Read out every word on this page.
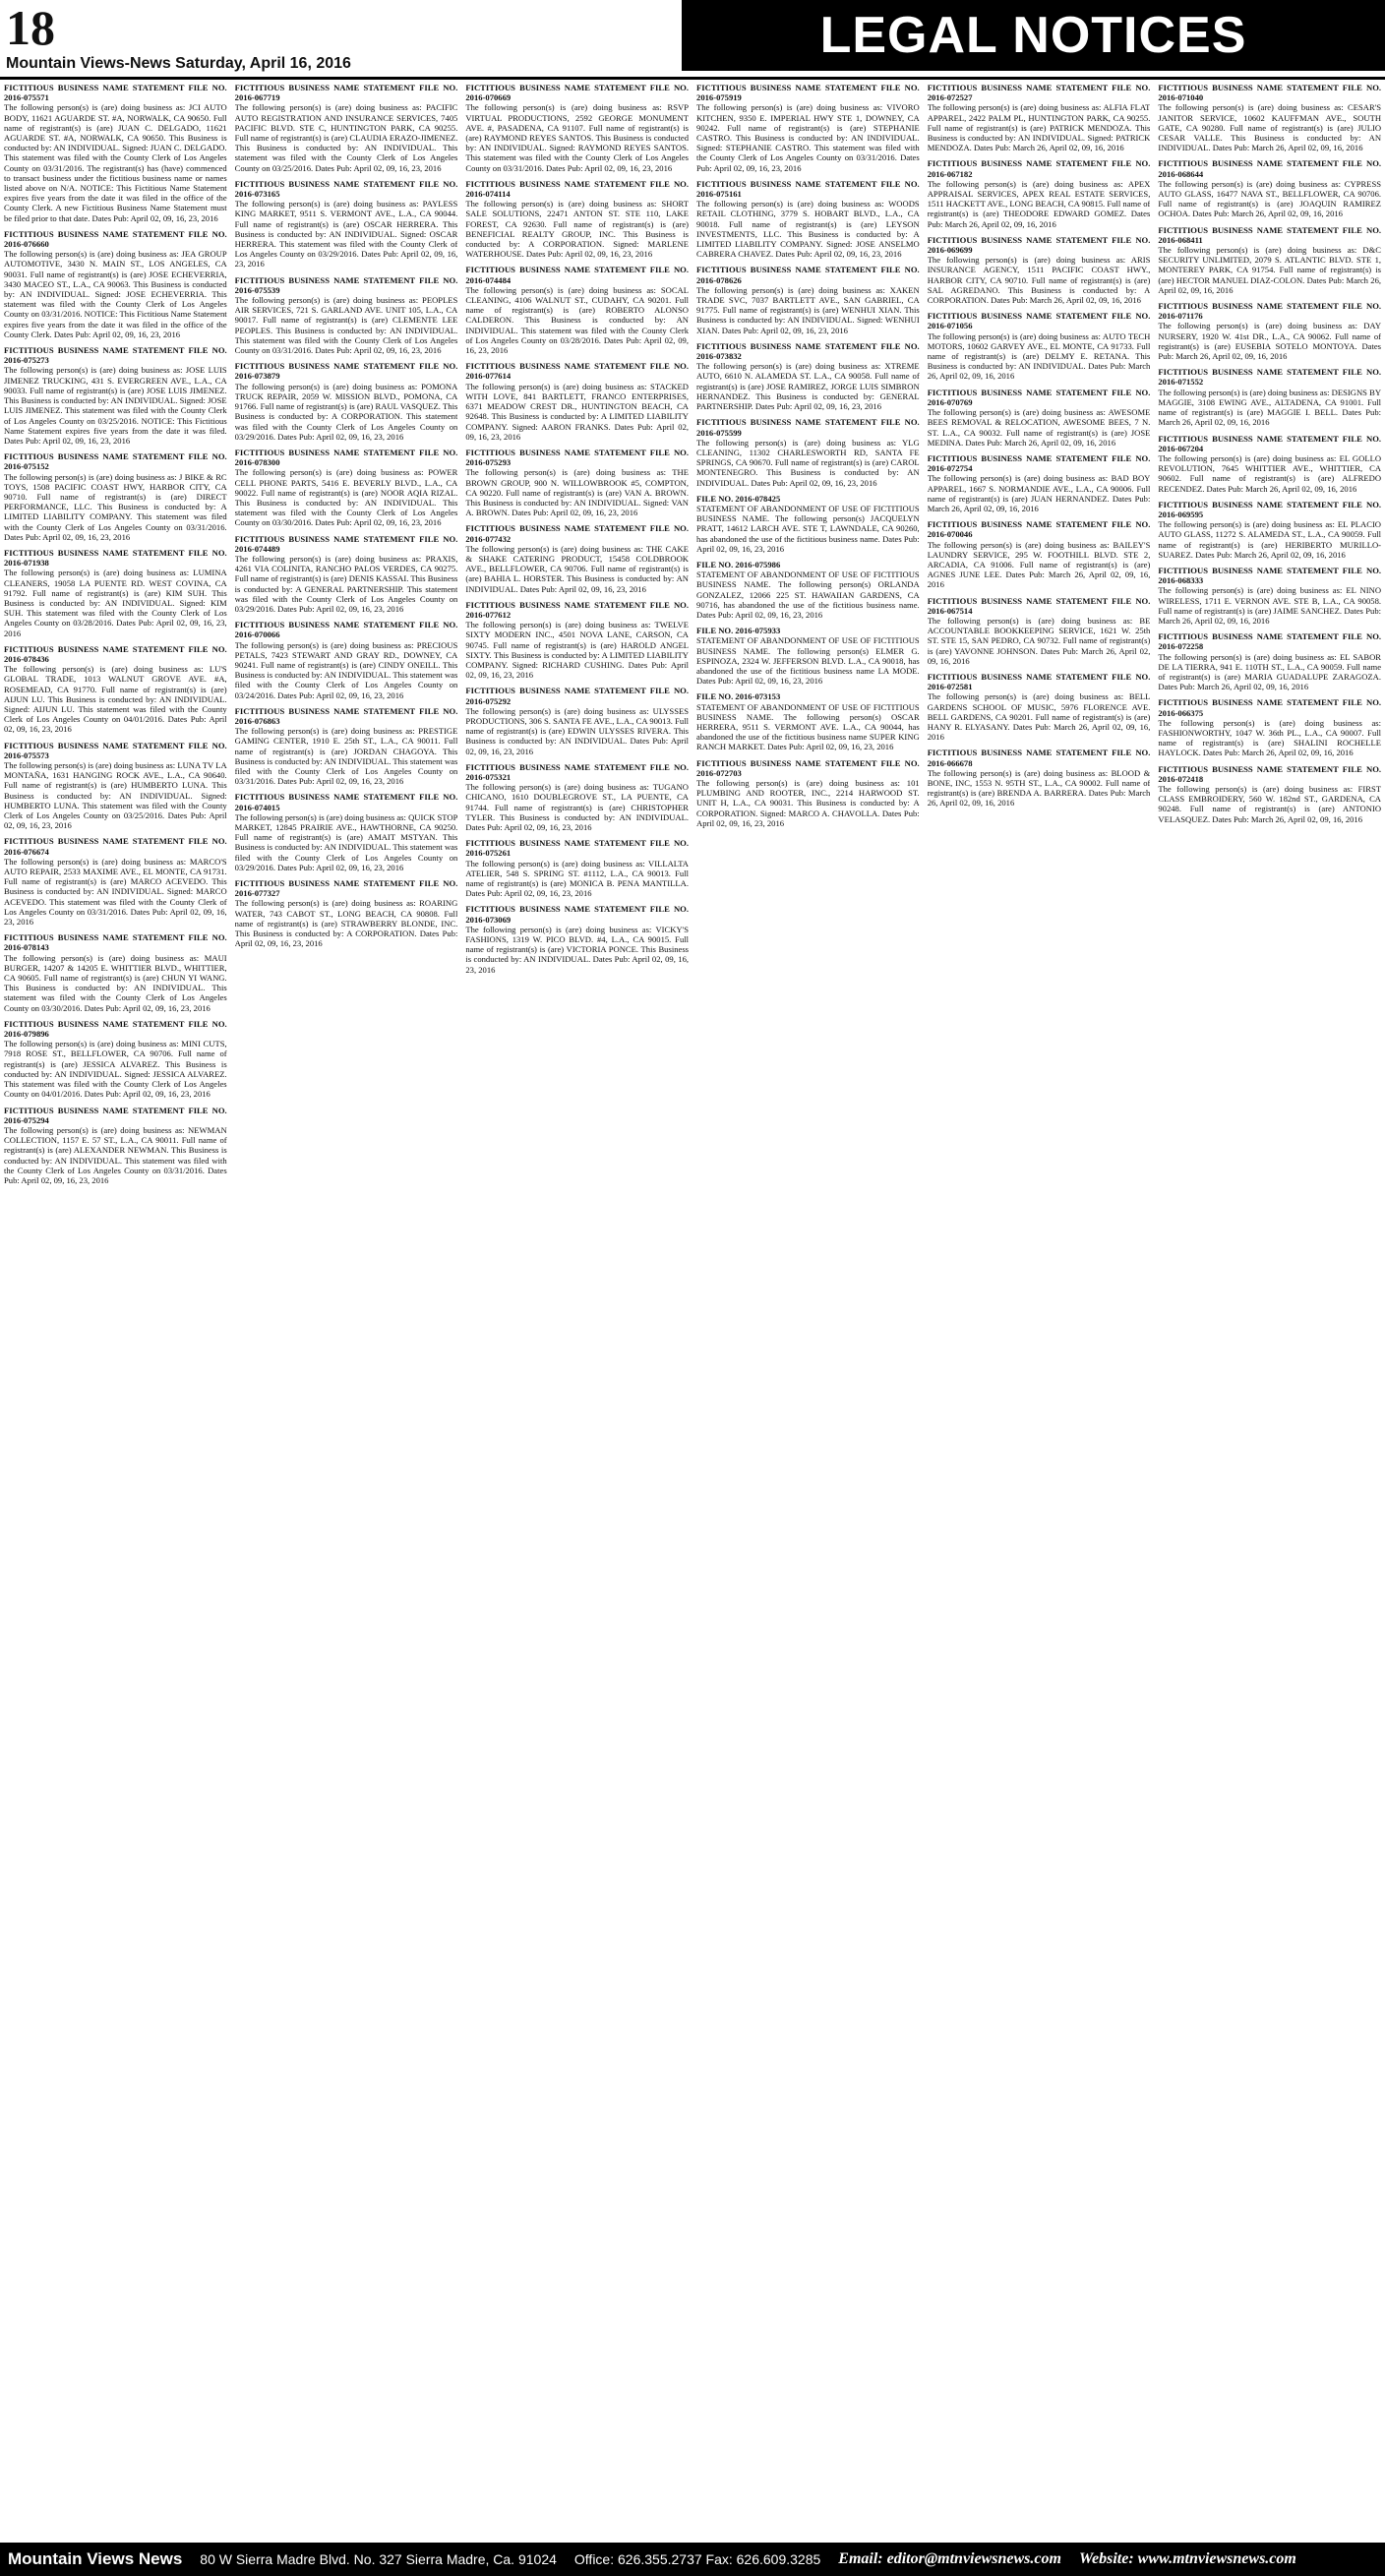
18
Mountain Views-News Saturday, April 16, 2016	LEGAL NOTICES
FICTITIOUS BUSINESS NAME STATEMENT FILE NO. 2016-075571
The following person(s) is (are) doing business as: JCI AUTO BODY, 11621 AGUARDE ST. #A, NORWALK, CA 90650. Full name of registrant(s) is (are) JUAN C. DELGADO, 11621 AGUARDE ST. #A, NORWALK, CA 90650. This Business is conducted by: AN INDIVIDUAL. Signed: JUAN C. DELGADO. This statement was filed with the County Clerk of Los Angeles County on 03/31/2016. The registrant(s) has (have) commenced to transact business under the fictitious business name or names listed above on N/A. NOTICE: This Fictitious Name Statement expires five years from the date it was filed in the office of the County Clerk. A new Fictitious Business Name Statement must be filed prior to that date. Dates Pub: April 02, 09, 16, 23, 2016
FICTITIOUS BUSINESS NAME STATEMENT FILE NO. 2016-076660
The following person(s) is (are) doing business as: JEA GROUP AUTOMOTIVE, 3430 N. MAIN ST., LOS ANGELES, CA 90031. Full name of registrant(s) is (are) JOSE ECHEVERRIA, 3430 MACEO ST., L.A., CA 90063. This Business is conducted by: AN INDIVIDUAL. Signed: JOSE ECHEVERRIA. This statement was filed with the County Clerk of Los Angeles County on 03/31/2016. NOTICE: This Fictitious Name Statement expires five years from the date it was filed in the office of the County Clerk. Dates Pub: April 02, 09, 16, 23, 2016
FICTITIOUS BUSINESS NAME STATEMENT FILE NO. 2016-075273
The following person(s) is (are) doing business as: JOSE LUIS JIMENEZ TRUCKING, 431 S. EVERGREEN AVE., L.A., CA 90033. Full name of registrant(s) is (are) JOSE LUIS JIMENEZ. This Business is conducted by: AN INDIVIDUAL. Signed: JOSE LUIS JIMENEZ. This statement was filed with the County Clerk of Los Angeles County on 03/25/2016. NOTICE: This Fictitious Name Statement expires five years from the date it was filed. Dates Pub: April 02, 09, 16, 23, 2016
FICTITIOUS BUSINESS NAME STATEMENT FILE NO. 2016-075152
The following person(s) is (are) doing business as: J BIKE & RC TOYS, 1508 PACIFIC COAST HWY, HARBOR CITY, CA 90710. Full name of registrant(s) is (are) DIRECT PERFORMANCE, LLC. This Business is conducted by: A LIMITED LIABILITY COMPANY. This statement was filed with the County Clerk of Los Angeles County on 03/31/2016. Dates Pub: April 02, 09, 16, 23, 2016
FICTITIOUS BUSINESS NAME STATEMENT FILE NO. 2016-071938
The following person(s) is (are) doing business as: LUMINA CLEANERS, 19058 LA PUENTE RD. WEST COVINA, CA 91792. Full name of registrant(s) is (are) KIM SUH. This Business is conducted by: AN INDIVIDUAL. Signed: KIM SUH. This statement was filed with the County Clerk of Los Angeles County on 03/28/2016. Dates Pub: April 02, 09, 16, 23, 2016
FICTITIOUS BUSINESS NAME STATEMENT FILE NO. 2016-078436
The following person(s) is (are) doing business as: LU'S GLOBAL TRADE, 1013 WALNUT GROVE AVE. #A, ROSEMEAD, CA 91770. Full name of registrant(s) is (are) AIJUN LU. This Business is conducted by: AN INDIVIDUAL. Signed: AIJUN LU. This statement was filed with the County Clerk of Los Angeles County on 04/01/2016. Dates Pub: April 02, 09, 16, 23, 2016
FICTITIOUS BUSINESS NAME STATEMENT FILE NO. 2016-075573
The following person(s) is (are) doing business as: LUNA TV LA MONTAÑA, 1631 HANGING ROCK AVE., L.A., CA 90640. Full name of registrant(s) is (are) HUMBERTO LUNA. This Business is conducted by: AN INDIVIDUAL. Signed: HUMBERTO LUNA. This statement was filed with the County Clerk of Los Angeles County on 03/25/2016. Dates Pub: April 02, 09, 16, 23, 2016
FICTITIOUS BUSINESS NAME STATEMENT FILE NO. 2016-076674
The following person(s) is (are) doing business as: MARCO'S AUTO REPAIR, 2533 MAXIME AVE., EL MONTE, CA 91731. Full name of registrant(s) is (are) MARCO ACEVEDO. This Business is conducted by: AN INDIVIDUAL. Signed: MARCO ACEVEDO. This statement was filed with the County Clerk of Los Angeles County on 03/31/2016. Dates Pub: April 02, 09, 16, 23, 2016
FICTITIOUS BUSINESS NAME STATEMENT FILE NO. 2016-078143
The following person(s) is (are) doing business as: MAUI BURGER, 14207 & 14205 E. WHITTIER BLVD., WHITTIER, CA 90605. Full name of registrant(s) is (are) CHUN YI WANG. This Business is conducted by: AN INDIVIDUAL. This statement was filed with the County Clerk of Los Angeles County on 03/30/2016. Dates Pub: April 02, 09, 16, 23, 2016
FICTITIOUS BUSINESS NAME STATEMENT FILE NO. 2016-079896
The following person(s) is (are) doing business as: MINI CUTS, 7918 ROSE ST., BELLFLOWER, CA 90706. Full name of registrant(s) is (are) JESSICA ALVAREZ. This Business is conducted by: AN INDIVIDUAL. Signed: JESSICA ALVAREZ. This statement was filed with the County Clerk of Los Angeles County on 04/01/2016. Dates Pub: April 02, 09, 16, 23, 2016
FICTITIOUS BUSINESS NAME STATEMENT FILE NO. 2016-075294
The following person(s) is (are) doing business as: NEWMAN COLLECTION, 1157 E. 57 ST., L.A., CA 90011. Full name of registrant(s) is (are) ALEXANDER NEWMAN. This Business is conducted by: AN INDIVIDUAL. This statement was filed with the County Clerk of Los Angeles County on 03/31/2016. Dates Pub: April 02, 09, 16, 23, 2016
FICTITIOUS BUSINESS NAME STATEMENT FILE NO. 2016-067719
The following person(s) is (are) doing business as: PACIFIC AUTO REGISTRATION AND INSURANCE SERVICES, 7405 PACIFIC BLVD. STE C, HUNTINGTON PARK, CA 90255. Full name of registrant(s) is (are) CLAUDIA ERAZO-JIMENEZ. This Business is conducted by: AN INDIVIDUAL. This statement was filed with the County Clerk of Los Angeles County on 03/25/2016. Dates Pub: April 02, 09, 16, 23, 2016
FICTITIOUS BUSINESS NAME STATEMENT FILE NO. 2016-073165
The following person(s) is (are) doing business as: PAYLESS KING MARKET, 9511 S. VERMONT AVE., L.A., CA 90044. Full name of registrant(s) is (are) OSCAR HERRERA. This Business is conducted by: AN INDIVIDUAL. Signed: OSCAR HERRERA. This statement was filed with the County Clerk of Los Angeles County on 03/29/2016. Dates Pub: April 02, 09, 16, 23, 2016
FICTITIOUS BUSINESS NAME STATEMENT FILE NO. 2016-075539
The following person(s) is (are) doing business as: PEOPLES AIR SERVICES, 721 S. GARLAND AVE. UNIT 105, L.A., CA 90017. Full name of registrant(s) is (are) CLEMENTE LEE PEOPLES. This Business is conducted by: AN INDIVIDUAL. This statement was filed with the County Clerk of Los Angeles County on 03/31/2016. Dates Pub: April 02, 09, 16, 23, 2016
FICTITIOUS BUSINESS NAME STATEMENT FILE NO. 2016-073879
The following person(s) is (are) doing business as: POMONA TRUCK REPAIR, 2059 W. MISSION BLVD., POMONA, CA 91766. Full name of registrant(s) is (are) RAUL VASQUEZ. This Business is conducted by: A CORPORATION. This statement was filed with the County Clerk of Los Angeles County on 03/29/2016. Dates Pub: April 02, 09, 16, 23, 2016
FICTITIOUS BUSINESS NAME STATEMENT FILE NO. 2016-078300
The following person(s) is (are) doing business as: POWER CELL PHONE PARTS, 5416 E. BEVERLY BLVD., L.A., CA 90022. Full name of registrant(s) is (are) NOOR AQIA RIZAL. This Business is conducted by: AN INDIVIDUAL. This statement was filed with the County Clerk of Los Angeles County on 03/30/2016. Dates Pub: April 02, 09, 16, 23, 2016
FICTITIOUS BUSINESS NAME STATEMENT FILE NO. 2016-074489
The following person(s) is (are) doing business as: PRAXIS, 4261 VIA COLINITA, RANCHO PALOS VERDES, CA 90275. Full name of registrant(s) is (are) DENIS KASSAI. This Business is conducted by: A GENERAL PARTNERSHIP. This statement was filed with the County Clerk of Los Angeles County on 03/29/2016. Dates Pub: April 02, 09, 16, 23, 2016
FICTITIOUS BUSINESS NAME STATEMENT FILE NO. 2016-070066
The following person(s) is (are) doing business as: PRECIOUS PETALS, 7423 STEWART AND GRAY RD., DOWNEY, CA 90241. Full name of registrant(s) is (are) CINDY ONEILL. This Business is conducted by: AN INDIVIDUAL. This statement was filed with the County Clerk of Los Angeles County on 03/24/2016. Dates Pub: April 02, 09, 16, 23, 2016
FICTITIOUS BUSINESS NAME STATEMENT FILE NO. 2016-076863
The following person(s) is (are) doing business as: PRESTIGE GAMING CENTER, 1910 E. 25th ST., L.A., CA 90011. Full name of registrant(s) is (are) JORDAN CHAGOYA. This Business is conducted by: AN INDIVIDUAL. This statement was filed with the County Clerk of Los Angeles County on 03/31/2016. Dates Pub: April 02, 09, 16, 23, 2016
FICTITIOUS BUSINESS NAME STATEMENT FILE NO. 2016-074015
The following person(s) is (are) doing business as: QUICK STOP MARKET, 12845 PRAIRIE AVE., HAWTHORNE, CA 90250. Full name of registrant(s) is (are) AMAIT MSTYAN. This Business is conducted by: AN INDIVIDUAL. This statement was filed with the County Clerk of Los Angeles County on 03/29/2016. Dates Pub: April 02, 09, 16, 23, 2016
FICTITIOUS BUSINESS NAME STATEMENT FILE NO. 2016-077327
The following person(s) is (are) doing business as: ROARING WATER, 743 CABOT ST., LONG BEACH, CA 90808. Full name of registrant(s) is (are) STRAWBERRY BLONDE, INC. This Business is conducted by: A CORPORATION. Dates Pub: April 02, 09, 16, 23, 2016
FICTITIOUS BUSINESS NAME STATEMENT FILE NO. 2016-070669
The following person(s) is (are) doing business as: RSVP VIRTUAL PRODUCTIONS, 2592 GEORGE MONUMENT AVE. #, PASADENA, CA 91107. Full name of registrant(s) is (are) RAYMOND REYES SANTOS. This Business is conducted by: AN INDIVIDUAL. Signed: RAYMOND REYES SANTOS. This statement was filed with the County Clerk of Los Angeles County on 03/31/2016. Dates Pub: April 02, 09, 16, 23, 2016
FICTITIOUS BUSINESS NAME STATEMENT FILE NO. 2016-074114
The following person(s) is (are) doing business as: SHORT SALE SOLUTIONS, 22471 ANTON ST. STE 110, LAKE FOREST, CA 92630. Full name of registrant(s) is (are) BENEFICIAL REALTY GROUP, INC. This Business is conducted by: A CORPORATION. Signed: MARLENE WATERHOUSE. Dates Pub: April 02, 09, 16, 23, 2016
FICTITIOUS BUSINESS NAME STATEMENT FILE NO. 2016-074484
The following person(s) is (are) doing business as: SOCAL CLEANING, 4106 WALNUT ST., CUDAHY, CA 90201. Full name of registrant(s) is (are) ROBERTO ALONSO CALDERON. This Business is conducted by: AN INDIVIDUAL. This statement was filed with the County Clerk of Los Angeles County on 03/28/2016. Dates Pub: April 02, 09, 16, 23, 2016
FICTITIOUS BUSINESS NAME STATEMENT FILE NO. 2016-077614
The following person(s) is (are) doing business as: STACKED WITH LOVE, 841 BARTLETT, FRANCO ENTERPRISES, 6371 MEADOW CREST DR., HUNTINGTON BEACH, CA 92648. This Business is conducted by: A LIMITED LIABILITY COMPANY. Signed: AARON FRANKS. Dates Pub: April 02, 09, 16, 23, 2016
FICTITIOUS BUSINESS NAME STATEMENT FILE NO. 2016-075293
The following person(s) is (are) doing business as: THE BROWN GROUP, 900 N. WILLOWBROOK #5, COMPTON, CA 90220. Full name of registrant(s) is (are) VAN A. BROWN. This Business is conducted by: AN INDIVIDUAL. Signed: VAN A. BROWN. Dates Pub: April 02, 09, 16, 23, 2016
FICTITIOUS BUSINESS NAME STATEMENT FILE NO. 2016-077432
The following person(s) is (are) doing business as: THE CAKE & SHAKE CATERING PRODUCT, 15458 COLDBROOK AVE., BELLFLOWER, CA 90706. Full name of registrant(s) is (are) BAHIA L. HORSTER. This Business is conducted by: AN INDIVIDUAL. Dates Pub: April 02, 09, 16, 23, 2016
FICTITIOUS BUSINESS NAME STATEMENT FILE NO. 2016-077612
The following person(s) is (are) doing business as: TWELVE SIXTY MODERN INC., 4501 NOVA LANE, CARSON, CA 90745. Full name of registrant(s) is (are) HAROLD ANGEL SIXTY. This Business is conducted by: A LIMITED LIABILITY COMPANY. Signed: RICHARD CUSHING. Dates Pub: April 02, 09, 16, 23, 2016
FICTITIOUS BUSINESS NAME STATEMENT FILE NO. 2016-075292
The following person(s) is (are) doing business as: ULYSSES PRODUCTIONS, 306 S. SANTA FE AVE., L.A., CA 90013. Full name of registrant(s) is (are) EDWIN ULYSSES RIVERA. This Business is conducted by: AN INDIVIDUAL. Dates Pub: April 02, 09, 16, 23, 2016
FICTITIOUS BUSINESS NAME STATEMENT FILE NO. 2016-075321
The following person(s) is (are) doing business as: TUGANO CHICANO, 1610 DOUBLEGROVE ST., LA PUENTE, CA 91744. Full name of registrant(s) is (are) CHRISTOPHER TYLER. This Business is conducted by: AN INDIVIDUAL. Dates Pub: April 02, 09, 16, 23, 2016
FICTITIOUS BUSINESS NAME STATEMENT FILE NO. 2016-075261
The following person(s) is (are) doing business as: VILLALTA ATELIER, 548 S. SPRING ST. #1112, L.A., CA 90013. Full name of registrant(s) is (are) MONICA B. PENA MANTILLA. Dates Pub: April 02, 09, 16, 23, 2016
FICTITIOUS BUSINESS NAME STATEMENT FILE NO. 2016-073069
The following person(s) is (are) doing business as: VICKY'S FASHIONS, 1319 W. PICO BLVD. #4, L.A., CA 90015. Full name of registrant(s) is (are) VICTORIA PONCE. This Business is conducted by: AN INDIVIDUAL. Dates Pub: April 02, 09, 16, 23, 2016
FICTITIOUS BUSINESS NAME STATEMENT FILE NO. 2016-075919
The following person(s) is (are) doing business as: VIVORO KITCHEN, 9350 E. IMPERIAL HWY STE 1, DOWNEY, CA 90242. Full name of registrant(s) is (are) STEPHANIE CASTRO. This Business is conducted by: AN INDIVIDUAL. Signed: STEPHANIE CASTRO. This statement was filed with the County Clerk of Los Angeles County on 03/31/2016. Dates Pub: April 02, 09, 16, 23, 2016
FICTITIOUS BUSINESS NAME STATEMENT FILE NO. 2016-075161
The following person(s) is (are) doing business as: WOODS RETAIL CLOTHING, 3779 S. HOBART BLVD., L.A., CA 90018. Full name of registrant(s) is (are) LEYSON INVESTMENTS, LLC. This Business is conducted by: A LIMITED LIABILITY COMPANY. Signed: JOSE ANSELMO CABRERA CHAVEZ. Dates Pub: April 02, 09, 16, 23, 2016
FICTITIOUS BUSINESS NAME STATEMENT FILE NO. 2016-078626
The following person(s) is (are) doing business as: XAKEN TRADE SVC, 7037 BARTLETT AVE., SAN GABRIEL, CA 91775. Full name of registrant(s) is (are) WENHUI XIAN. This Business is conducted by: AN INDIVIDUAL. Signed: WENHUI XIAN. Dates Pub: April 02, 09, 16, 23, 2016
FICTITIOUS BUSINESS NAME STATEMENT FILE NO. 2016-073832
The following person(s) is (are) doing business as: XTREME AUTO, 6610 N. ALAMEDA ST. L.A., CA 90058. Full name of registrant(s) is (are) JOSE RAMIREZ, JORGE LUIS SIMBRON HERNANDEZ. This Business is conducted by: GENERAL PARTNERSHIP. Dates Pub: April 02, 09, 16, 23, 2016
FICTITIOUS BUSINESS NAME STATEMENT FILE NO. 2016-075599
The following person(s) is (are) doing business as: YLG CLEANING, 11302 CHARLESWORTH RD, SANTA FE SPRINGS, CA 90670. Full name of registrant(s) is (are) CAROL MONTENEGRO. This Business is conducted by: AN INDIVIDUAL. Dates Pub: April 02, 09, 16, 23, 2016
FILE NO. 2016-078425
STATEMENT OF ABANDONMENT OF USE OF FICTITIOUS BUSINESS NAME. The following person(s) JACQUELYN PRATT, 14612 LARCH AVE. STE T, LAWNDALE, CA 90260, has abandoned the use of the fictitious business name. Dates Pub: April 02, 09, 16, 23, 2016
FILE NO. 2016-075986
STATEMENT OF ABANDONMENT OF USE OF FICTITIOUS BUSINESS NAME. The following person(s) ORLANDA GONZALEZ, 12066 225 ST. HAWAIIAN GARDENS, CA 90716, has abandoned the use of the fictitious business name. Dates Pub: April 02, 09, 16, 23, 2016
FILE NO. 2016-075933
STATEMENT OF ABANDONMENT OF USE OF FICTITIOUS BUSINESS NAME. The following person(s) ELMER G. ESPINOZA, 2324 W. JEFFERSON BLVD. L.A., CA 90018, has abandoned the use of the fictitious business name LA MODE. Dates Pub: April 02, 09, 16, 23, 2016
FILE NO. 2016-073153
STATEMENT OF ABANDONMENT OF USE OF FICTITIOUS BUSINESS NAME. The following person(s) OSCAR HERRERA, 9511 S. VERMONT AVE. L.A., CA 90044, has abandoned the use of the fictitious business name SUPER KING RANCH MARKET. Dates Pub: April 02, 09, 16, 23, 2016
FICTITIOUS BUSINESS NAME STATEMENT FILE NO. 2016-072703
The following person(s) is (are) doing business as: 101 PLUMBING AND ROOTER, INC., 2214 HARWOOD ST. UNIT H, L.A., CA 90031. This Business is conducted by: A CORPORATION. Signed: MARCO A. CHAVOLLA. Dates Pub: April 02, 09, 16, 23, 2016
FICTITIOUS BUSINESS NAME STATEMENT FILE NO. 2016-072527
The following person(s) is (are) doing business as: ALFIA FLAT APPAREL, 2422 PALM PL, HUNTINGTON PARK, CA 90255. Full name of registrant(s) is (are) PATRICK MENDOZA. This Business is conducted by: AN INDIVIDUAL. Signed: PATRICK MENDOZA. Dates Pub: March 26, April 02, 09, 16, 2016
FICTITIOUS BUSINESS NAME STATEMENT FILE NO. 2016-067182
The following person(s) is (are) doing business as: APEX APPRAISAL SERVICES, APEX REAL ESTATE SERVICES, 1511 HACKETT AVE., LONG BEACH, CA 90815. Full name of registrant(s) is (are) THEODORE EDWARD GOMEZ. Dates Pub: March 26, April 02, 09, 16, 2016
FICTITIOUS BUSINESS NAME STATEMENT FILE NO. 2016-069699
The following person(s) is (are) doing business as: ARIS INSURANCE AGENCY, 1511 PACIFIC COAST HWY., HARBOR CITY, CA 90710. Full name of registrant(s) is (are) SAL AGREDANO. This Business is conducted by: A CORPORATION. Dates Pub: March 26, April 02, 09, 16, 2016
FICTITIOUS BUSINESS NAME STATEMENT FILE NO. 2016-071056
The following person(s) is (are) doing business as: AUTO TECH MOTORS, 10602 GARVEY AVE., EL MONTE, CA 91733. Full name of registrant(s) is (are) DELMY E. RETANA. This Business is conducted by: AN INDIVIDUAL. Dates Pub: March 26, April 02, 09, 16, 2016
FICTITIOUS BUSINESS NAME STATEMENT FILE NO. 2016-070769
The following person(s) is (are) doing business as: AWESOME BEES REMOVAL & RELOCATION, AWESOME BEES, 7 N. ST. L.A., CA 90032. Full name of registrant(s) is (are) JOSE MEDINA. Dates Pub: March 26, April 02, 09, 16, 2016
FICTITIOUS BUSINESS NAME STATEMENT FILE NO. 2016-072754
The following person(s) is (are) doing business as: BAD BOY APPAREL, 1667 S. NORMANDIE AVE., L.A., CA 90006. Full name of registrant(s) is (are) JUAN HERNANDEZ. Dates Pub: March 26, April 02, 09, 16, 2016
FICTITIOUS BUSINESS NAME STATEMENT FILE NO. 2016-070046
The following person(s) is (are) doing business as: BAILEY'S LAUNDRY SERVICE, 295 W. FOOTHILL BLVD. STE 2, ARCADIA, CA 91006. Full name of registrant(s) is (are) AGNES JUNE LEE. Dates Pub: March 26, April 02, 09, 16, 2016
FICTITIOUS BUSINESS NAME STATEMENT FILE NO. 2016-067514
The following person(s) is (are) doing business as: BE ACCOUNTABLE BOOKKEEPING SERVICE, 1621 W. 25th ST. STE 15, SAN PEDRO, CA 90732. Full name of registrant(s) is (are) YAVONNE JOHNSON. Dates Pub: March 26, April 02, 09, 16, 2016
FICTITIOUS BUSINESS NAME STATEMENT FILE NO. 2016-072581
The following person(s) is (are) doing business as: BELL GARDENS SCHOOL OF MUSIC, 5976 FLORENCE AVE. BELL GARDENS, CA 90201. Full name of registrant(s) is (are) HANY R. ELYASANY. Dates Pub: March 26, April 02, 09, 16, 2016
FICTITIOUS BUSINESS NAME STATEMENT FILE NO. 2016-066678
The following person(s) is (are) doing business as: BLOOD & BONE, INC, 1553 N. 95TH ST., L.A., CA 90002. Full name of registrant(s) is (are) BRENDA A. BARRERA. Dates Pub: March 26, April 02, 09, 16, 2016
FICTITIOUS BUSINESS NAME STATEMENT FILE NO. 2016-071040
The following person(s) is (are) doing business as: CESAR'S JANITOR SERVICE, 10602 KAUFFMAN AVE., SOUTH GATE, CA 90280. Full name of registrant(s) is (are) JULIO CESAR VALLE. This Business is conducted by: AN INDIVIDUAL. Dates Pub: March 26, April 02, 09, 16, 2016
FICTITIOUS BUSINESS NAME STATEMENT FILE NO. 2016-068644
The following person(s) is (are) doing business as: CYPRESS AUTO GLASS, 16477 NAVA ST., BELLFLOWER, CA 90706. Full name of registrant(s) is (are) JOAQUIN RAMIREZ OCHOA. Dates Pub: March 26, April 02, 09, 16, 2016
FICTITIOUS BUSINESS NAME STATEMENT FILE NO. 2016-068411
The following person(s) is (are) doing business as: D&C SECURITY UNLIMITED, 2079 S. ATLANTIC BLVD. STE 1, MONTEREY PARK, CA 91754. Full name of registrant(s) is (are) HECTOR MANUEL DIAZ-COLON. Dates Pub: March 26, April 02, 09, 16, 2016
FICTITIOUS BUSINESS NAME STATEMENT FILE NO. 2016-071176
The following person(s) is (are) doing business as: DAY NURSERY, 1920 W. 41st DR., L.A., CA 90062. Full name of registrant(s) is (are) EUSEBIA SOTELO MONTOYA. Dates Pub: March 26, April 02, 09, 16, 2016
FICTITIOUS BUSINESS NAME STATEMENT FILE NO. 2016-071552
The following person(s) is (are) doing business as: DESIGNS BY MAGGIE, 3108 EWING AVE., ALTADENA, CA 91001. Full name of registrant(s) is (are) MAGGIE I. BELL. Dates Pub: March 26, April 02, 09, 16, 2016
FICTITIOUS BUSINESS NAME STATEMENT FILE NO. 2016-067204
The following person(s) is (are) doing business as: EL GOLLO REVOLUTION, 7645 WHITTIER AVE., WHITTIER, CA 90602. Full name of registrant(s) is (are) ALFREDO RECENDEZ. Dates Pub: March 26, April 02, 09, 16, 2016
FICTITIOUS BUSINESS NAME STATEMENT FILE NO. 2016-069595
The following person(s) is (are) doing business as: EL PLACIO AUTO GLASS, 11272 S. ALAMEDA ST., L.A., CA 90059. Full name of registrant(s) is (are) HERIBERTO MURILLO-SUAREZ. Dates Pub: March 26, April 02, 09, 16, 2016
FICTITIOUS BUSINESS NAME STATEMENT FILE NO. 2016-068333
The following person(s) is (are) doing business as: EL NINO WIRELESS, 1711 E. VERNON AVE. STE B, L.A., CA 90058. Full name of registrant(s) is (are) JAIME SANCHEZ. Dates Pub: March 26, April 02, 09, 16, 2016
FICTITIOUS BUSINESS NAME STATEMENT FILE NO. 2016-072258
The following person(s) is (are) doing business as: EL SABOR DE LA TIERRA, 941 E. 110TH ST., L.A., CA 90059. Full name of registrant(s) is (are) MARIA GUADALUPE ZARAGOZA. Dates Pub: March 26, April 02, 09, 16, 2016
FICTITIOUS BUSINESS NAME STATEMENT FILE NO. 2016-066375
The following person(s) is (are) doing business as: FASHIONWORTHY, 1047 W. 36th PL., L.A., CA 90007. Full name of registrant(s) is (are) SHALINI ROCHELLE HAYLOCK. Dates Pub: March 26, April 02, 09, 16, 2016
FICTITIOUS BUSINESS NAME STATEMENT FILE NO. 2016-072418
The following person(s) is (are) doing business as: FIRST CLASS EMBROIDERY, 560 W. 182nd ST., GARDENA, CA 90248. Full name of registrant(s) is (are) ANTONIO VELASQUEZ. Dates Pub: March 26, April 02, 09, 16, 2016
Mountain Views News 80 W Sierra Madre Blvd. No. 327 Sierra Madre, Ca. 91024 Office: 626.355.2737 Fax: 626.609.3285 Email: editor@mtnviewsnews.com Website: www.mtnviewsnews.com
